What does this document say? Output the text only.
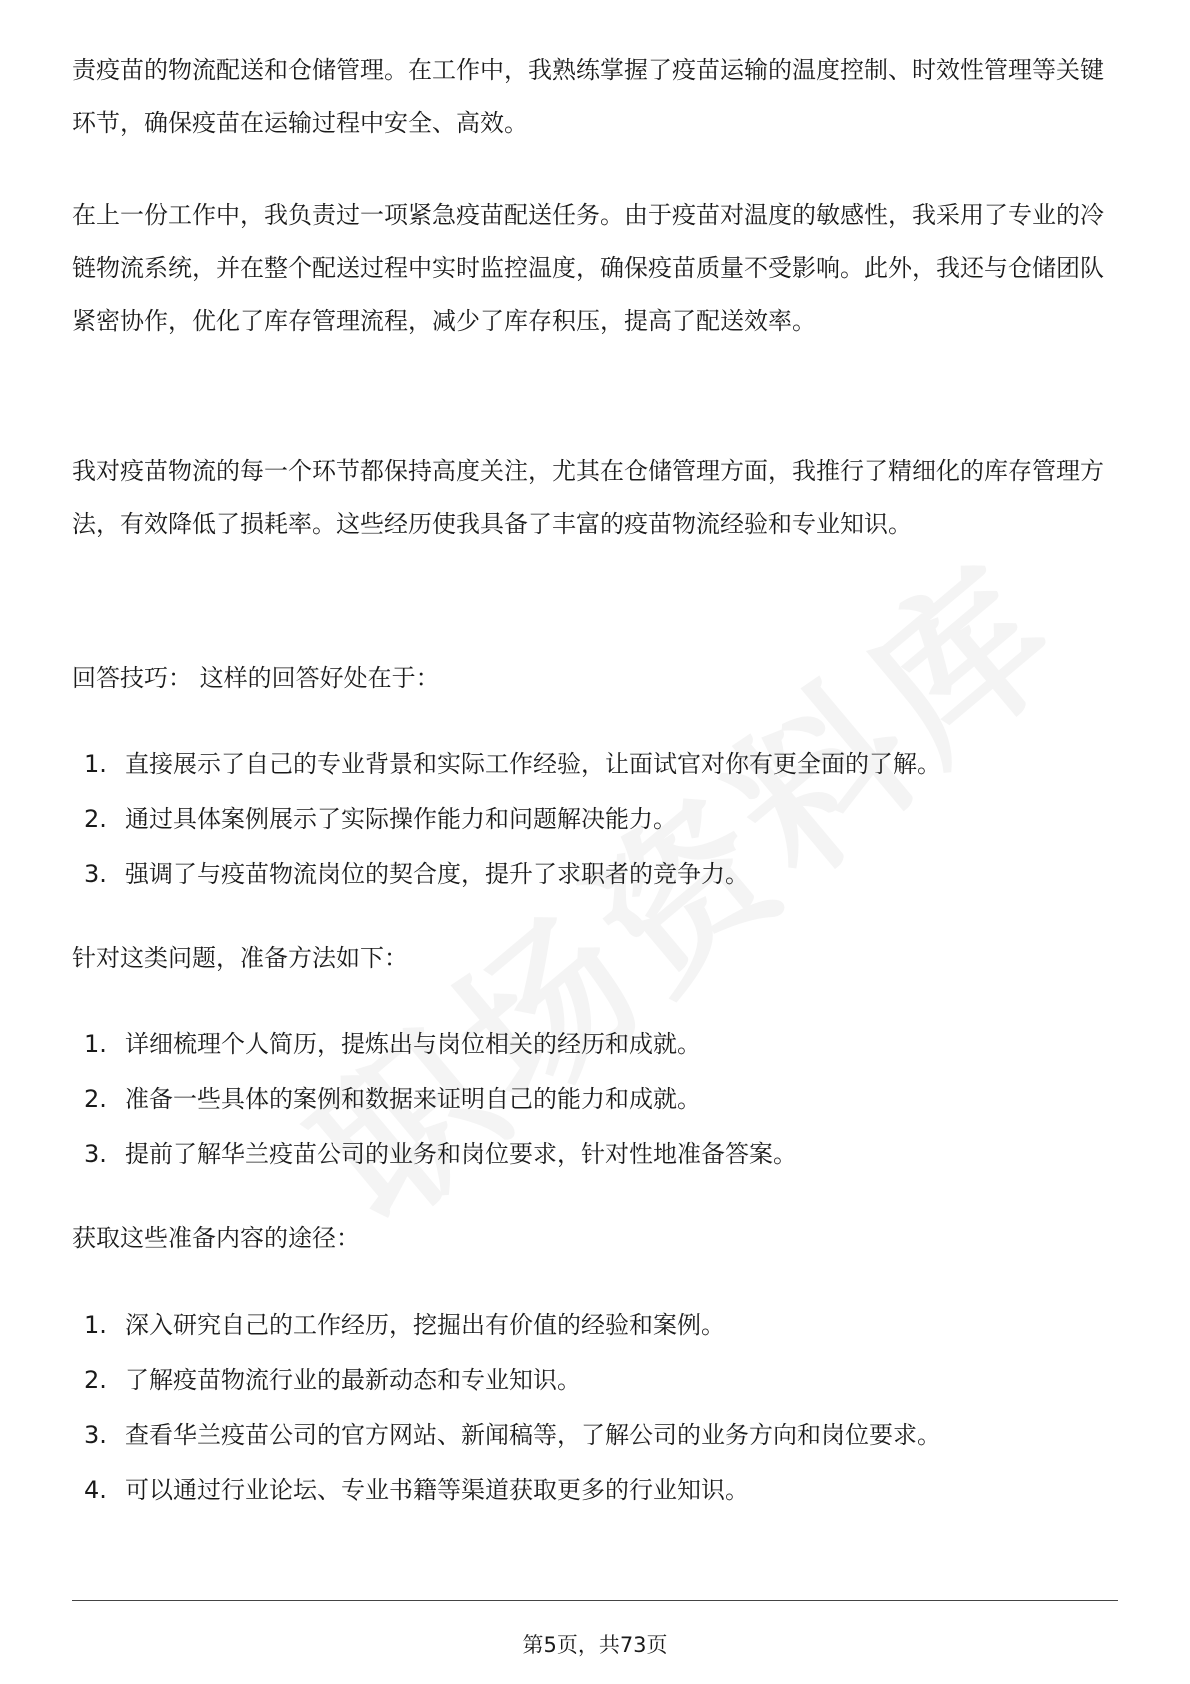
责疫苗的物流配送和仓储管理。在工作中，我熟练掌握了疫苗运输的温度控制、时效性管理等关键环节，确保疫苗在运输过程中安全、高效。

在上一份工作中，我负责过一项紧急疫苗配送任务。由于疫苗对温度的敏感性，我采用了专业的冷链物流系统，并在整个配送过程中实时监控温度，确保疫苗质量不受影响。此外，我还与仓储团队紧密协作，优化了库存管理流程，减少了库存积压，提高了配送效率。

我对疫苗物流的每一个环节都保持高度关注，尤其在仓储管理方面，我推行了精细化的库存管理方法，有效降低了损耗率。这些经历使我具备了丰富的疫苗物流经验和专业知识。

回答技巧： 这样的回答好处在于：

1. 直接展示了自己的专业背景和实际工作经验，让面试官对你有更全面的了解。
2. 通过具体案例展示了实际操作能力和问题解决能力。
3. 强调了与疫苗物流岗位的契合度，提升了求职者的竞争力。

针对这类问题，准备方法如下：

1. 详细梳理个人简历，提炼出与岗位相关的经历和成就。
2. 准备一些具体的案例和数据来证明自己的能力和成就。
3. 提前了解华兰疫苗公司的业务和岗位要求，针对性地准备答案。

获取这些准备内容的途径：

1. 深入研究自己的工作经历，挖掘出有价值的经验和案例。
2. 了解疫苗物流行业的最新动态和专业知识。
3. 查看华兰疫苗公司的官方网站、新闻稿等，了解公司的业务方向和岗位要求。
4. 可以通过行业论坛、专业书籍等渠道获取更多的行业知识。
第5页，共73页
